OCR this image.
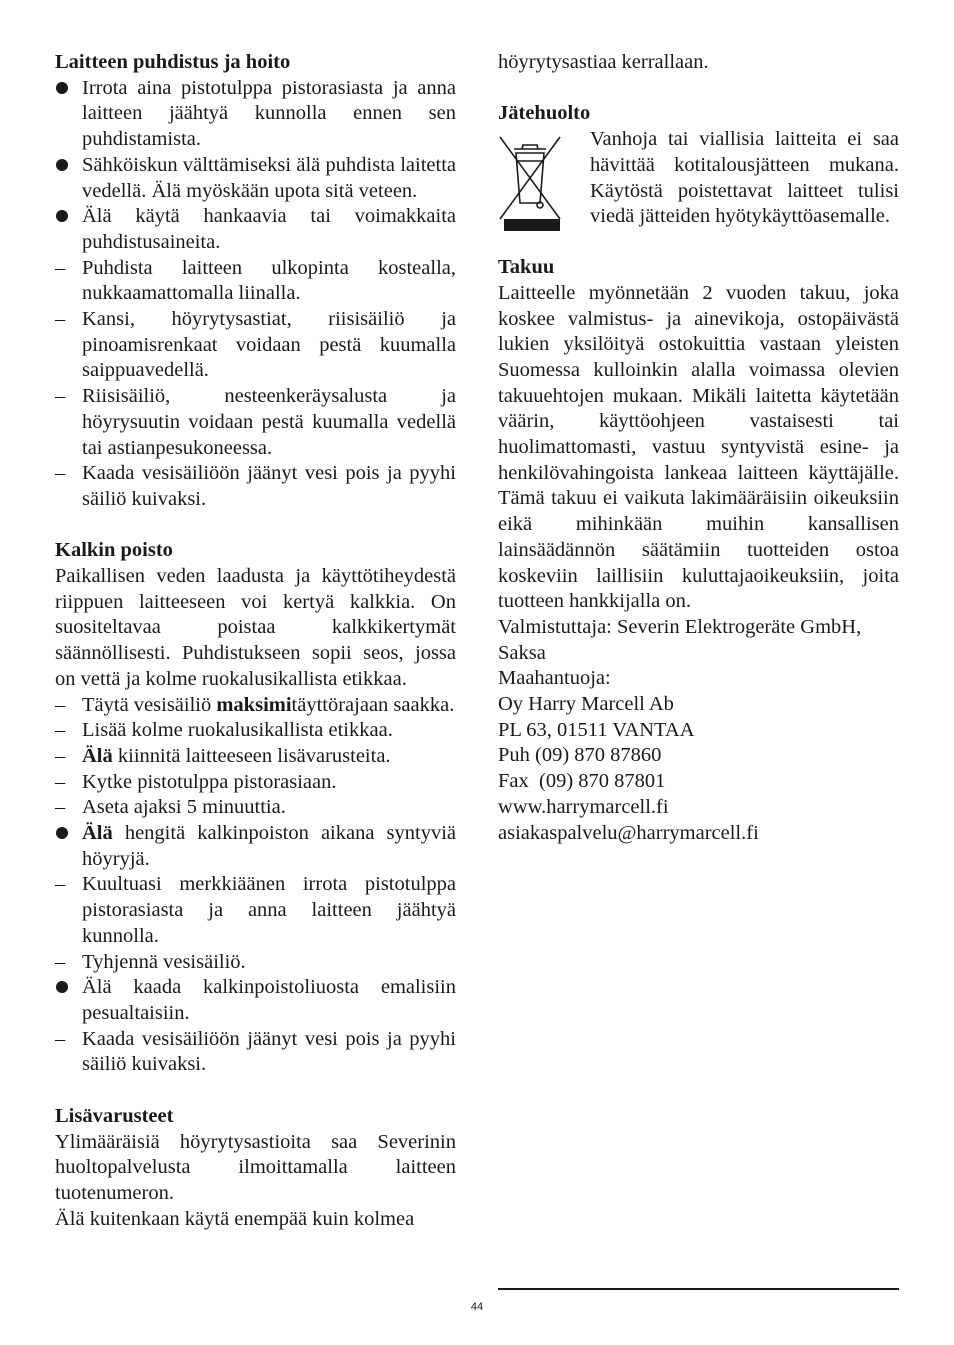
Laitteen puhdistus ja hoito

Irrota aina pistotulppa pistorasiasta ja anna laitteen jäähtyä kunnolla ennen sen puhdistamista.
Sähköiskun välttämiseksi älä puhdista laitetta vedellä. Älä myöskään upota sitä veteen.
Älä käytä hankaavia tai voimakkaita puhdistusaineita.
Puhdista laitteen ulkopinta kostealla, nukkaamattomalla liinalla.
Kansi, höyrytysastiat, riisisäiliö ja pinoamisrenkaat voidaan pestä kuumalla saippuavedellä.
Riisisäiliö, nesteenkeräysalusta ja höyrysuutin voidaan pestä kuumalla vedellä tai astianpesukoneessa.
Kaada vesisäiliöön jäänyt vesi pois ja pyyhi säiliö kuivaksi.

Kalkin poisto

Paikallisen veden laadusta ja käyttötiheydestä riippuen laitteeseen voi kertyä kalkkia. On suositeltavaa poistaa kalkkikertymät säännöllisesti. Puhdistukseen sopii seos, jossa on vettä ja kolme ruokalusikallista etikkaa.

Täytä vesisäiliö maksimitäyttörajaan saakka.
Lisää kolme ruokalusikallista etikkaa.
Älä kiinnitä laitteeseen lisävarusteita.
Kytke pistotulppa pistorasiaan.
Aseta ajaksi 5 minuuttia.
Älä hengitä kalkinpoiston aikana syntyviä höyryjä.
Kuultuasi merkkiäänen irrota pistotulppa pistorasiasta ja anna laitteen jäähtyä kunnolla.
Tyhjennä vesisäiliö.
Älä kaada kalkinpoistoliuosta emalisiin pesualtaisiin.
Kaada vesisäiliöön jäänyt vesi pois ja pyyhi säiliö kuivaksi.

Lisävarusteet

Ylimääräisiä höyrytysastioita saa Severinin huoltopalvelusta ilmoittamalla laitteen tuotenumeron.

Älä kuitenkaan käytä enempää kuin kolmea

höyrytysastiaa kerrallaan.

Jätehuolto

Vanhoja tai viallisia laitteita ei saa hävittää kotitalousjätteen mukana. Käytöstä poistettavat laitteet tulisi viedä jätteiden hyötykäyttöasemalle.

Takuu

Laitteelle myönnetään 2 vuoden takuu, joka koskee valmistus- ja ainevikoja, ostopäivästä lukien yksilöityä ostokuittia vastaan yleisten Suomessa kulloinkin alalla voimassa olevien takuuehtojen mukaan. Mikäli laitetta käytetään väärin, käyttöohjeen vastaisesti tai huolimattomasti, vastuu syntyvistä esine- ja henkilövahingoista lankeaa laitteen käyttäjälle. Tämä takuu ei vaikuta lakimääräisiin oikeuksiin eikä mihinkään muihin kansallisen lainsäädännön säätämiin tuotteiden ostoa koskeviin laillisiin kuluttajaoikeuksiin, joita tuotteen hankkijalla on.

Valmistuttaja: Severin Elektrogeräte GmbH, Saksa

Maahantuoja:

Oy Harry Marcell Ab

PL 63, 01511 VANTAA

Puh (09) 870 87860

Fax  (09) 870 87801

www.harrymarcell.fi

asiakaspalvelu@harrymarcell.fi

44
